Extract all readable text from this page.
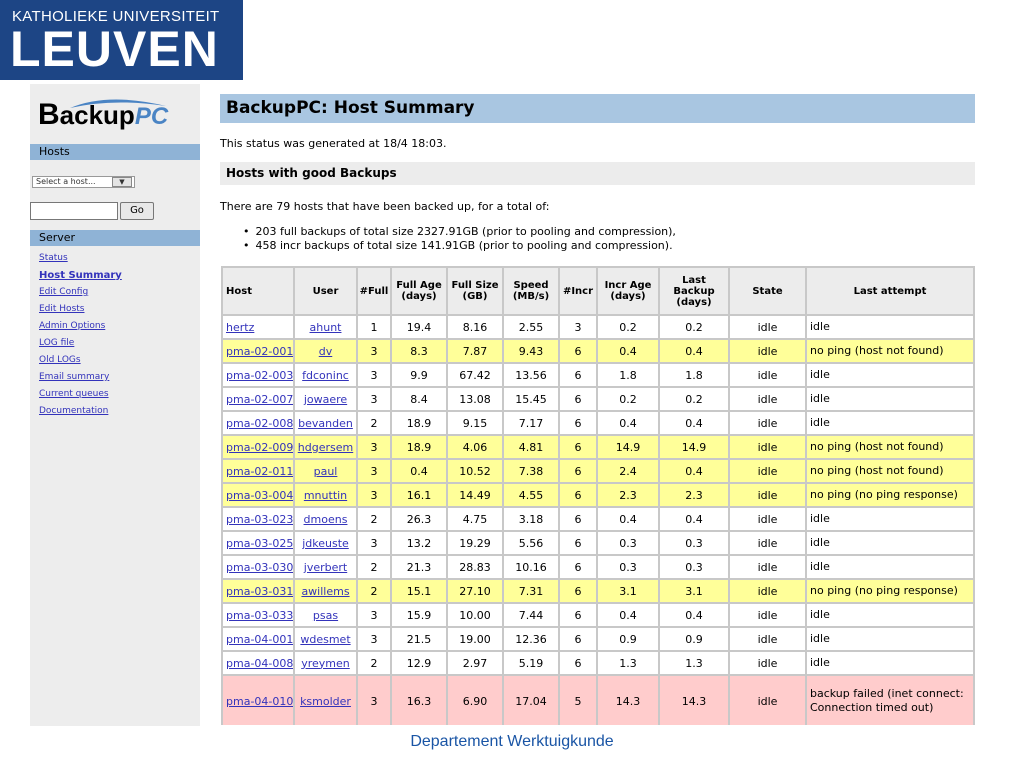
KATHOLIEKE UNIVERSITEIT
LEUVEN
BackupPC
Hosts
Select a host...	▼
Go
Server
Status
Host Summary
Edit Config
Edit Hosts
Admin Options
LOG file
Old LOGs
Email summary
Current queues
Documentation
BackupPC: Host Summary
This status was generated at 18/4 18:03.
Hosts with good Backups
There are 79 hosts that have been backed up, for a total of:
• 203 full backups of total size 2327.91GB (prior to pooling and compression),
• 458 incr backups of total size 141.91GB (prior to pooling and compression).
Host	User	#Full	Full Age (days)	Full Size (GB)	Speed (MB/s)	#Incr	Incr Age (days)	Last Backup (days)	State	Last attempt
hertz	ahunt	1	19.4	8.16	2.55	3	0.2	0.2	idle	idle
pma-02-001	dv	3	8.3	7.87	9.43	6	0.4	0.4	idle	no ping (host not found)
pma-02-003	fdconinc	3	9.9	67.42	13.56	6	1.8	1.8	idle	idle
pma-02-007	jowaere	3	8.4	13.08	15.45	6	0.2	0.2	idle	idle
pma-02-008	bevanden	2	18.9	9.15	7.17	6	0.4	0.4	idle	idle
pma-02-009	hdgersem	3	18.9	4.06	4.81	6	14.9	14.9	idle	no ping (host not found)
pma-02-011	paul	3	0.4	10.52	7.38	6	2.4	0.4	idle	no ping (host not found)
pma-03-004	mnuttin	3	16.1	14.49	4.55	6	2.3	2.3	idle	no ping (no ping response)
pma-03-023	dmoens	2	26.3	4.75	3.18	6	0.4	0.4	idle	idle
pma-03-025	jdkeuste	3	13.2	19.29	5.56	6	0.3	0.3	idle	idle
pma-03-030	jverbert	2	21.3	28.83	10.16	6	0.3	0.3	idle	idle
pma-03-031	awillems	2	15.1	27.10	7.31	6	3.1	3.1	idle	no ping (no ping response)
pma-03-033	psas	3	15.9	10.00	7.44	6	0.4	0.4	idle	idle
pma-04-001	wdesmet	3	21.5	19.00	12.36	6	0.9	0.9	idle	idle
pma-04-008	yreymen	2	12.9	2.97	5.19	6	1.3	1.3	idle	idle
pma-04-010	ksmolder	3	16.3	6.90	17.04	5	14.3	14.3	idle	backup failed (inet connect: Connection timed out)
Departement Werktuigkunde
